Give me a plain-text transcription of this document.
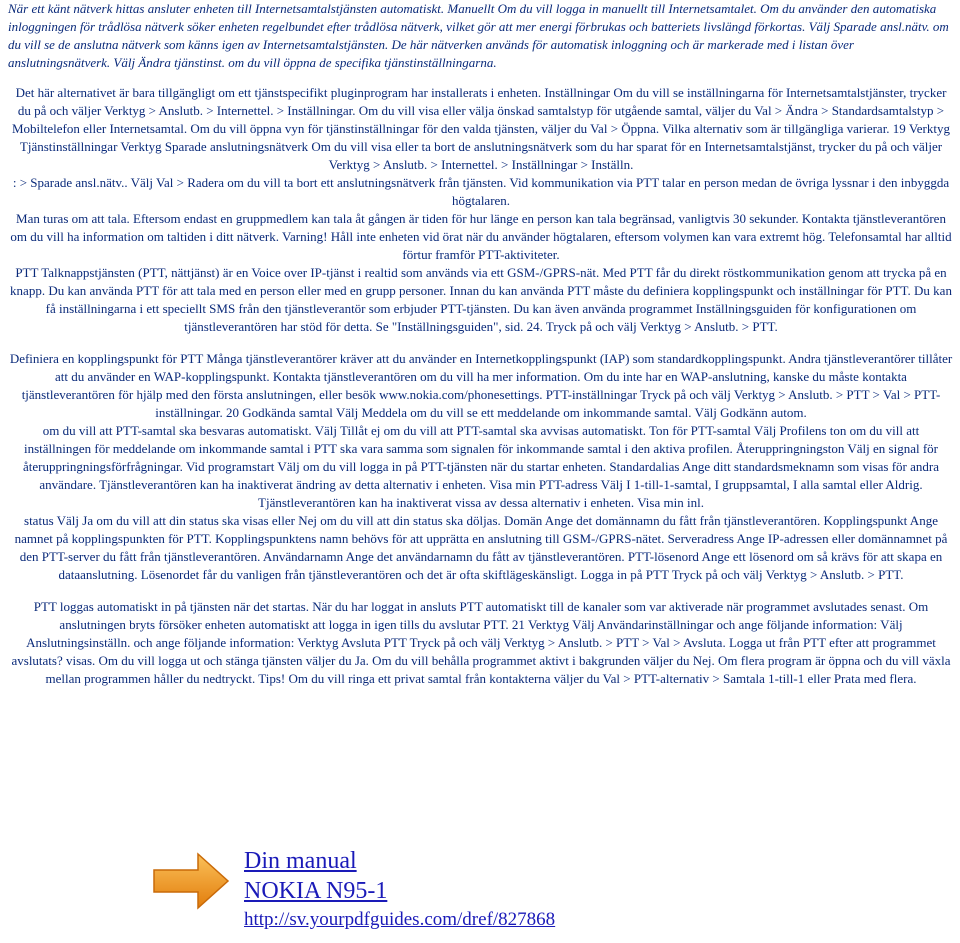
När ett känt nätverk hittas ansluter enheten till Internetsamtalstjänsten automatiskt. Manuellt Om du vill logga in manuellt till Internetsamtalet. Om du använder den automatiska inloggningen för trådlösa nätverk söker enheten regelbundet efter trådlösa nätverk, vilket gör att mer energi förbrukas och batteriets livslängd förkortas. Välj Sparade ansl.nätv. om du vill se de anslutna nätverk som känns igen av Internetsamtalstjänsten. De här nätverken används för automatisk inloggning och är markerade med i listan över anslutningsnätverk. Välj Ändra tjänstinst. om du vill öppna de specifika tjänstinställningarna.

Det här alternativet är bara tillgängligt om ett tjänstspecifikt pluginprogram har installerats i enheten. Inställningar Om du vill se inställningarna för Internetsamtalstjänster, trycker du på och väljer Verktyg > Anslutb. > Internettel. > Inställningar. Om du vill visa eller välja önskad samtalstyp för utgående samtal, väljer du Val > Ändra > Standardsamtalstyp > Mobiltelefon eller Internetsamtal. Om du vill öppna vyn för tjänstinställningar för den valda tjänsten, väljer du Val > Öppna. Vilka alternativ som är tillgängliga varierar. 19 Verktyg Tjänstinställningar Verktyg Sparade anslutningsnätverk Om du vill visa eller ta bort de anslutningsnätverk som du har sparat för en Internetsamtalstjänst, trycker du på och väljer Verktyg > Anslutb. > Internettel. > Inställningar > Inställn.

: > Sparade ansl.nätv.. Välj Val > Radera om du vill ta bort ett anslutningsnätverk från tjänsten. Vid kommunikation via PTT talar en person medan de övriga lyssnar i den inbyggda högtalaren.

Man turas om att tala. Eftersom endast en gruppmedlem kan tala åt gången är tiden för hur länge en person kan tala begränsad, vanligtvis 30 sekunder. Kontakta tjänstleverantören om du vill ha information om taltiden i ditt nätverk. Varning! Håll inte enheten vid örat när du använder högtalaren, eftersom volymen kan vara extremt hög. Telefonsamtal har alltid förtur framför PTT-aktiviteter.

PTT Talknappstjänsten (PTT, nättjänst) är en Voice over IP-tjänst i realtid som används via ett GSM-/GPRS-nät. Med PTT får du direkt röstkommunikation genom att trycka på en knapp. Du kan använda PTT för att tala med en person eller med en grupp personer. Innan du kan använda PTT måste du definiera kopplingspunkt och inställningar för PTT. Du kan få inställningarna i ett speciellt SMS från den tjänstleverantör som erbjuder PTT-tjänsten. Du kan även använda programmet Inställningsguiden för konfigurationen om tjänstleverantören har stöd för detta. Se "Inställningsguiden", sid. 24. Tryck på och välj Verktyg > Anslutb. > PTT.

Definiera en kopplingspunkt för PTT Många tjänstleverantörer kräver att du använder en Internetkopplingspunkt (IAP) som standardkopplingspunkt. Andra tjänstleverantörer tillåter att du använder en WAP-kopplingspunkt. Kontakta tjänstleverantören om du vill ha mer information. Om du inte har en WAP-anslutning, kanske du måste kontakta tjänstleverantören för hjälp med den första anslutningen, eller besök www.nokia.com/phonesettings. PTT-inställningar Tryck på och välj Verktyg > Anslutb. > PTT > Val > PTT-inställningar. 20 Godkända samtal Välj Meddela om du vill se ett meddelande om inkommande samtal. Välj Godkänn autom.

om du vill att PTT-samtal ska besvaras automatiskt. Välj Tillåt ej om du vill att PTT-samtal ska avvisas automatiskt. Ton för PTT-samtal Välj Profilens ton om du vill att inställningen för meddelande om inkommande samtal i PTT ska vara samma som signalen för inkommande samtal i den aktiva profilen. Återuppringningston Välj en signal för återuppringningsförfrågningar. Vid programstart Välj om du vill logga in på PTT-tjänsten när du startar enheten. Standardalias Ange ditt standardsmeknamn som visas för andra användare. Tjänstleverantören kan ha inaktiverat ändring av detta alternativ i enheten. Visa min PTT-adress Välj I 1-till-1-samtal, I gruppsamtal, I alla samtal eller Aldrig. Tjänstleverantören kan ha inaktiverat vissa av dessa alternativ i enheten. Visa min inl.

status Välj Ja om du vill att din status ska visas eller Nej om du vill att din status ska döljas. Domän Ange det domännamn du fått från tjänstleverantören. Kopplingspunkt Ange namnet på kopplingspunkten för PTT. Kopplingspunktens namn behövs för att upprätta en anslutning till GSM-/GPRS-nätet. Serveradress Ange IP-adressen eller domännamnet på den PTT-server du fått från tjänstleverantören. Användarnamn Ange det användarnamn du fått av tjänstleverantören. PTT-lösenord Ange ett lösenord om så krävs för att skapa en dataanslutning. Lösenordet får du vanligen från tjänstleverantören och det är ofta skiftlägeskänsligt. Logga in på PTT Tryck på och välj Verktyg > Anslutb. > PTT.

PTT loggas automatiskt in på tjänsten när det startas. När du har loggat in ansluts PTT automatiskt till de kanaler som var aktiverade när programmet avslutades senast. Om anslutningen bryts försöker enheten automatiskt att logga in igen tills du avslutar PTT. 21 Verktyg Välj Användarinställningar och ange följande information: Välj Anslutningsinställn. och ange följande information: Verktyg Avsluta PTT Tryck på och välj Verktyg > Anslutb. > PTT > Val > Avsluta. Logga ut från PTT efter att programmet avslutats? visas. Om du vill logga ut och stänga tjänsten väljer du Ja. Om du vill behålla programmet aktivt i bakgrunden väljer du Nej. Om flera program är öppna och du vill växla mellan programmen håller du nedtryckt. Tips! Om du vill ringa ett privat samtal från kontakterna väljer du Val > PTT-alternativ > Samtala 1-till-1 eller Prata med flera.

Din manual
NOKIA N95-1
http://sv.yourpdfguides.com/dref/827868
